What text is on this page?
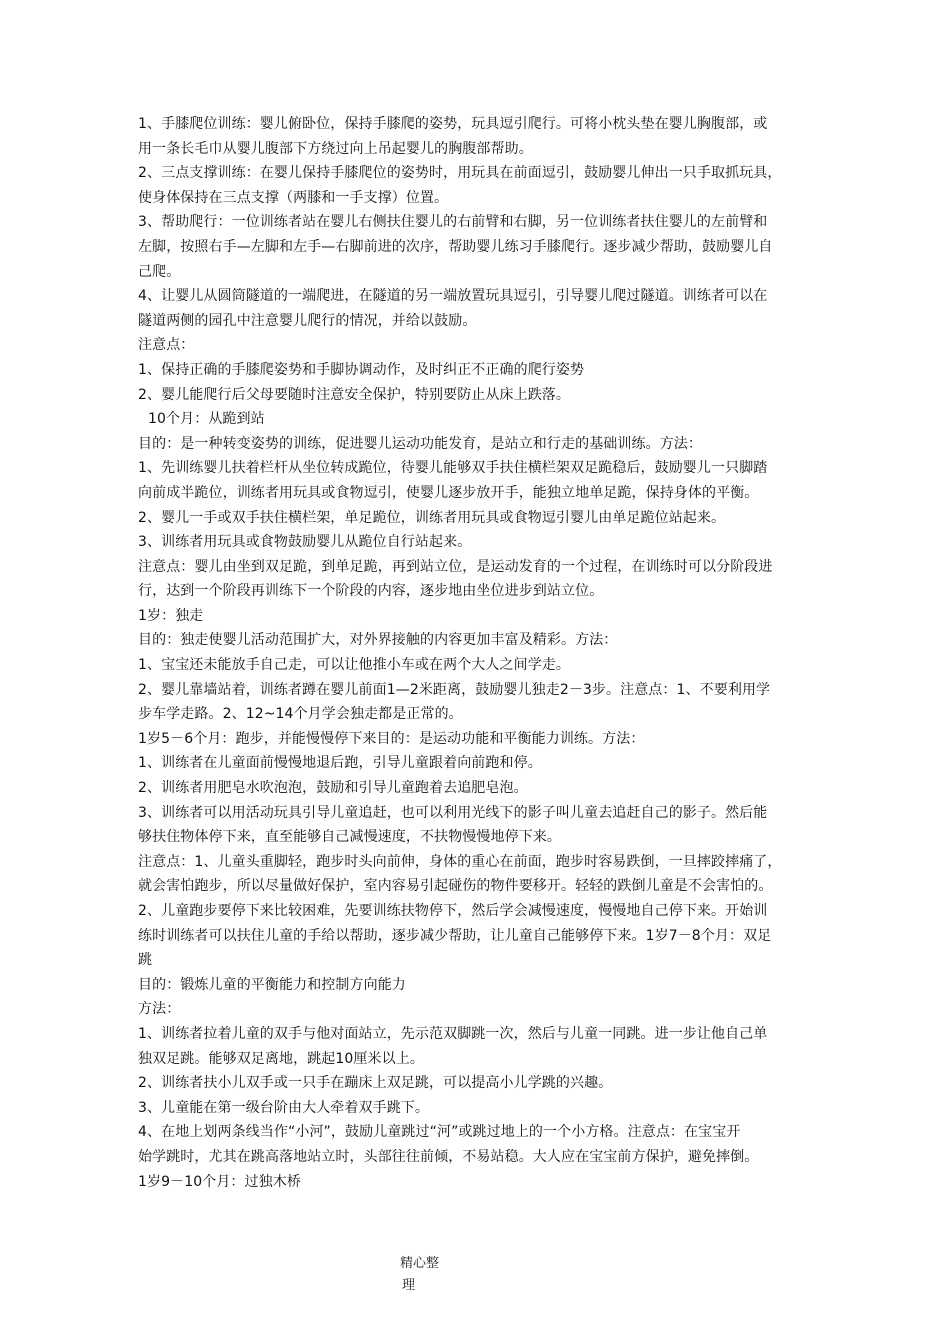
1、手膝爬位训练：婴儿俯卧位，保持手膝爬的姿势，玩具逗引爬行。可将小枕头垫在婴儿胸腹部，或
用一条长毛巾从婴儿腹部下方绕过向上吊起婴儿的胸腹部帮助。
2、三点支撑训练：在婴儿保持手膝爬位的姿势时，用玩具在前面逗引，鼓励婴儿伸出一只手取抓玩具，
使身体保持在三点支撑（两膝和一手支撑）位置。
3、帮助爬行：一位训练者站在婴儿右侧扶住婴儿的右前臂和右脚，另一位训练者扶住婴儿的左前臂和
左脚，按照右手—左脚和左手—右脚前进的次序，帮助婴儿练习手膝爬行。逐步减少帮助，鼓励婴儿自
己爬。
4、让婴儿从圆筒隧道的一端爬进，在隧道的另一端放置玩具逗引，引导婴儿爬过隧道。训练者可以在
隧道两侧的园孔中注意婴儿爬行的情况，并给以鼓励。
注意点：
1、保持正确的手膝爬姿势和手脚协调动作，及时纠正不正确的爬行姿势
2、婴儿能爬行后父母要随时注意安全保护，特别要防止从床上跌落。
10个月：从跪到站
目的：是一种转变姿势的训练，促进婴儿运动功能发育，是站立和行走的基础训练。方法：
1、先训练婴儿扶着栏杆从坐位转成跪位，待婴儿能够双手扶住横栏架双足跪稳后，鼓励婴儿一只脚踏
向前成半跪位，训练者用玩具或食物逗引，使婴儿逐步放开手，能独立地单足跪，保持身体的平衡。
2、婴儿一手或双手扶住横栏架，单足跪位，训练者用玩具或食物逗引婴儿由单足跪位站起来。
3、训练者用玩具或食物鼓励婴儿从跪位自行站起来。
注意点：婴儿由坐到双足跪，到单足跪，再到站立位，是运动发育的一个过程，在训练时可以分阶段进
行，达到一个阶段再训练下一个阶段的内容，逐步地由坐位进步到站立位。
1岁：独走
目的：独走使婴儿活动范围扩大，对外界接触的内容更加丰富及精彩。方法：
1、宝宝还未能放手自己走，可以让他推小车或在两个大人之间学走。
2、婴儿靠墙站着，训练者蹲在婴儿前面1—2米距离，鼓励婴儿独走2－3步。注意点：1、不要利用学
步车学走路。2、12~14个月学会独走都是正常的。
1岁5－6个月：跑步，并能慢慢停下来目的：是运动功能和平衡能力训练。方法：
1、训练者在儿童面前慢慢地退后跑，引导儿童跟着向前跑和停。
2、训练者用肥皂水吹泡泡，鼓励和引导儿童跑着去追肥皂泡。
3、训练者可以用活动玩具引导儿童追赶，也可以利用光线下的影子叫儿童去追赶自己的影子。然后能
够扶住物体停下来，直至能够自己减慢速度，不扶物慢慢地停下来。
注意点：1、儿童头重脚轻，跑步时头向前伸，身体的重心在前面，跑步时容易跌倒，一旦摔跤摔痛了，
就会害怕跑步，所以尽量做好保护，室内容易引起碰伤的物件要移开。轻轻的跌倒儿童是不会害怕的。
2、儿童跑步要停下来比较困难，先要训练扶物停下，然后学会减慢速度，慢慢地自己停下来。开始训
练时训练者可以扶住儿童的手给以帮助，逐步减少帮助，让儿童自己能够停下来。1岁7－8个月：双足
跳
目的：锻炼儿童的平衡能力和控制方向能力
方法：
1、训练者拉着儿童的双手与他对面站立，先示范双脚跳一次，然后与儿童一同跳。进一步让他自己单
独双足跳。能够双足离地，跳起10厘米以上。
2、训练者扶小儿双手或一只手在蹦床上双足跳，可以提高小儿学跳的兴趣。
3、儿童能在第一级台阶由大人牵着双手跳下。
4、在地上划两条线当作“小河”，鼓励儿童跳过“河”或跳过地上的一个小方格。注意点：在宝宝开
始学跳时，尤其在跳高落地站立时，头部往往前倾，不易站稳。大人应在宝宝前方保护，避免摔倒。
1岁9－10个月：过独木桥
精心整
理
